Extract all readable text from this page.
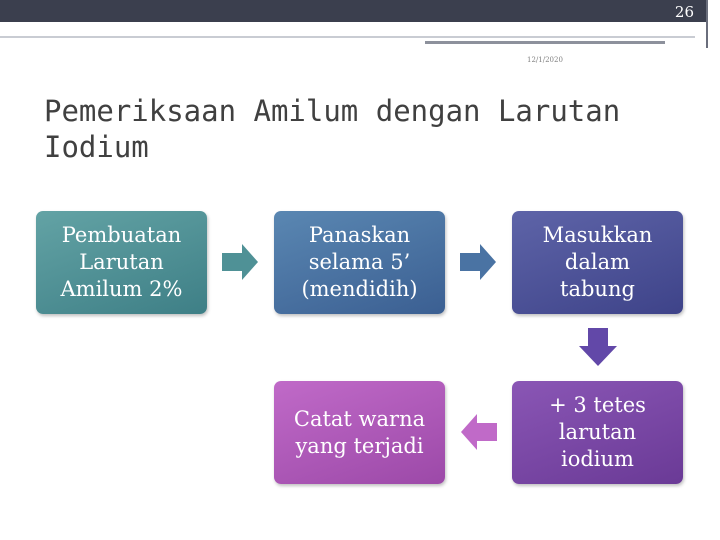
26
12/1/2020
Pemeriksaan Amilum dengan Larutan Iodium
Pembuatan
Larutan
Amilum 2%
Panaskan
selama 5’
(mendidih)
Masukkan
dalam
tabung
+ 3 tetes
larutan
iodium
Catat warna
yang terjadi
